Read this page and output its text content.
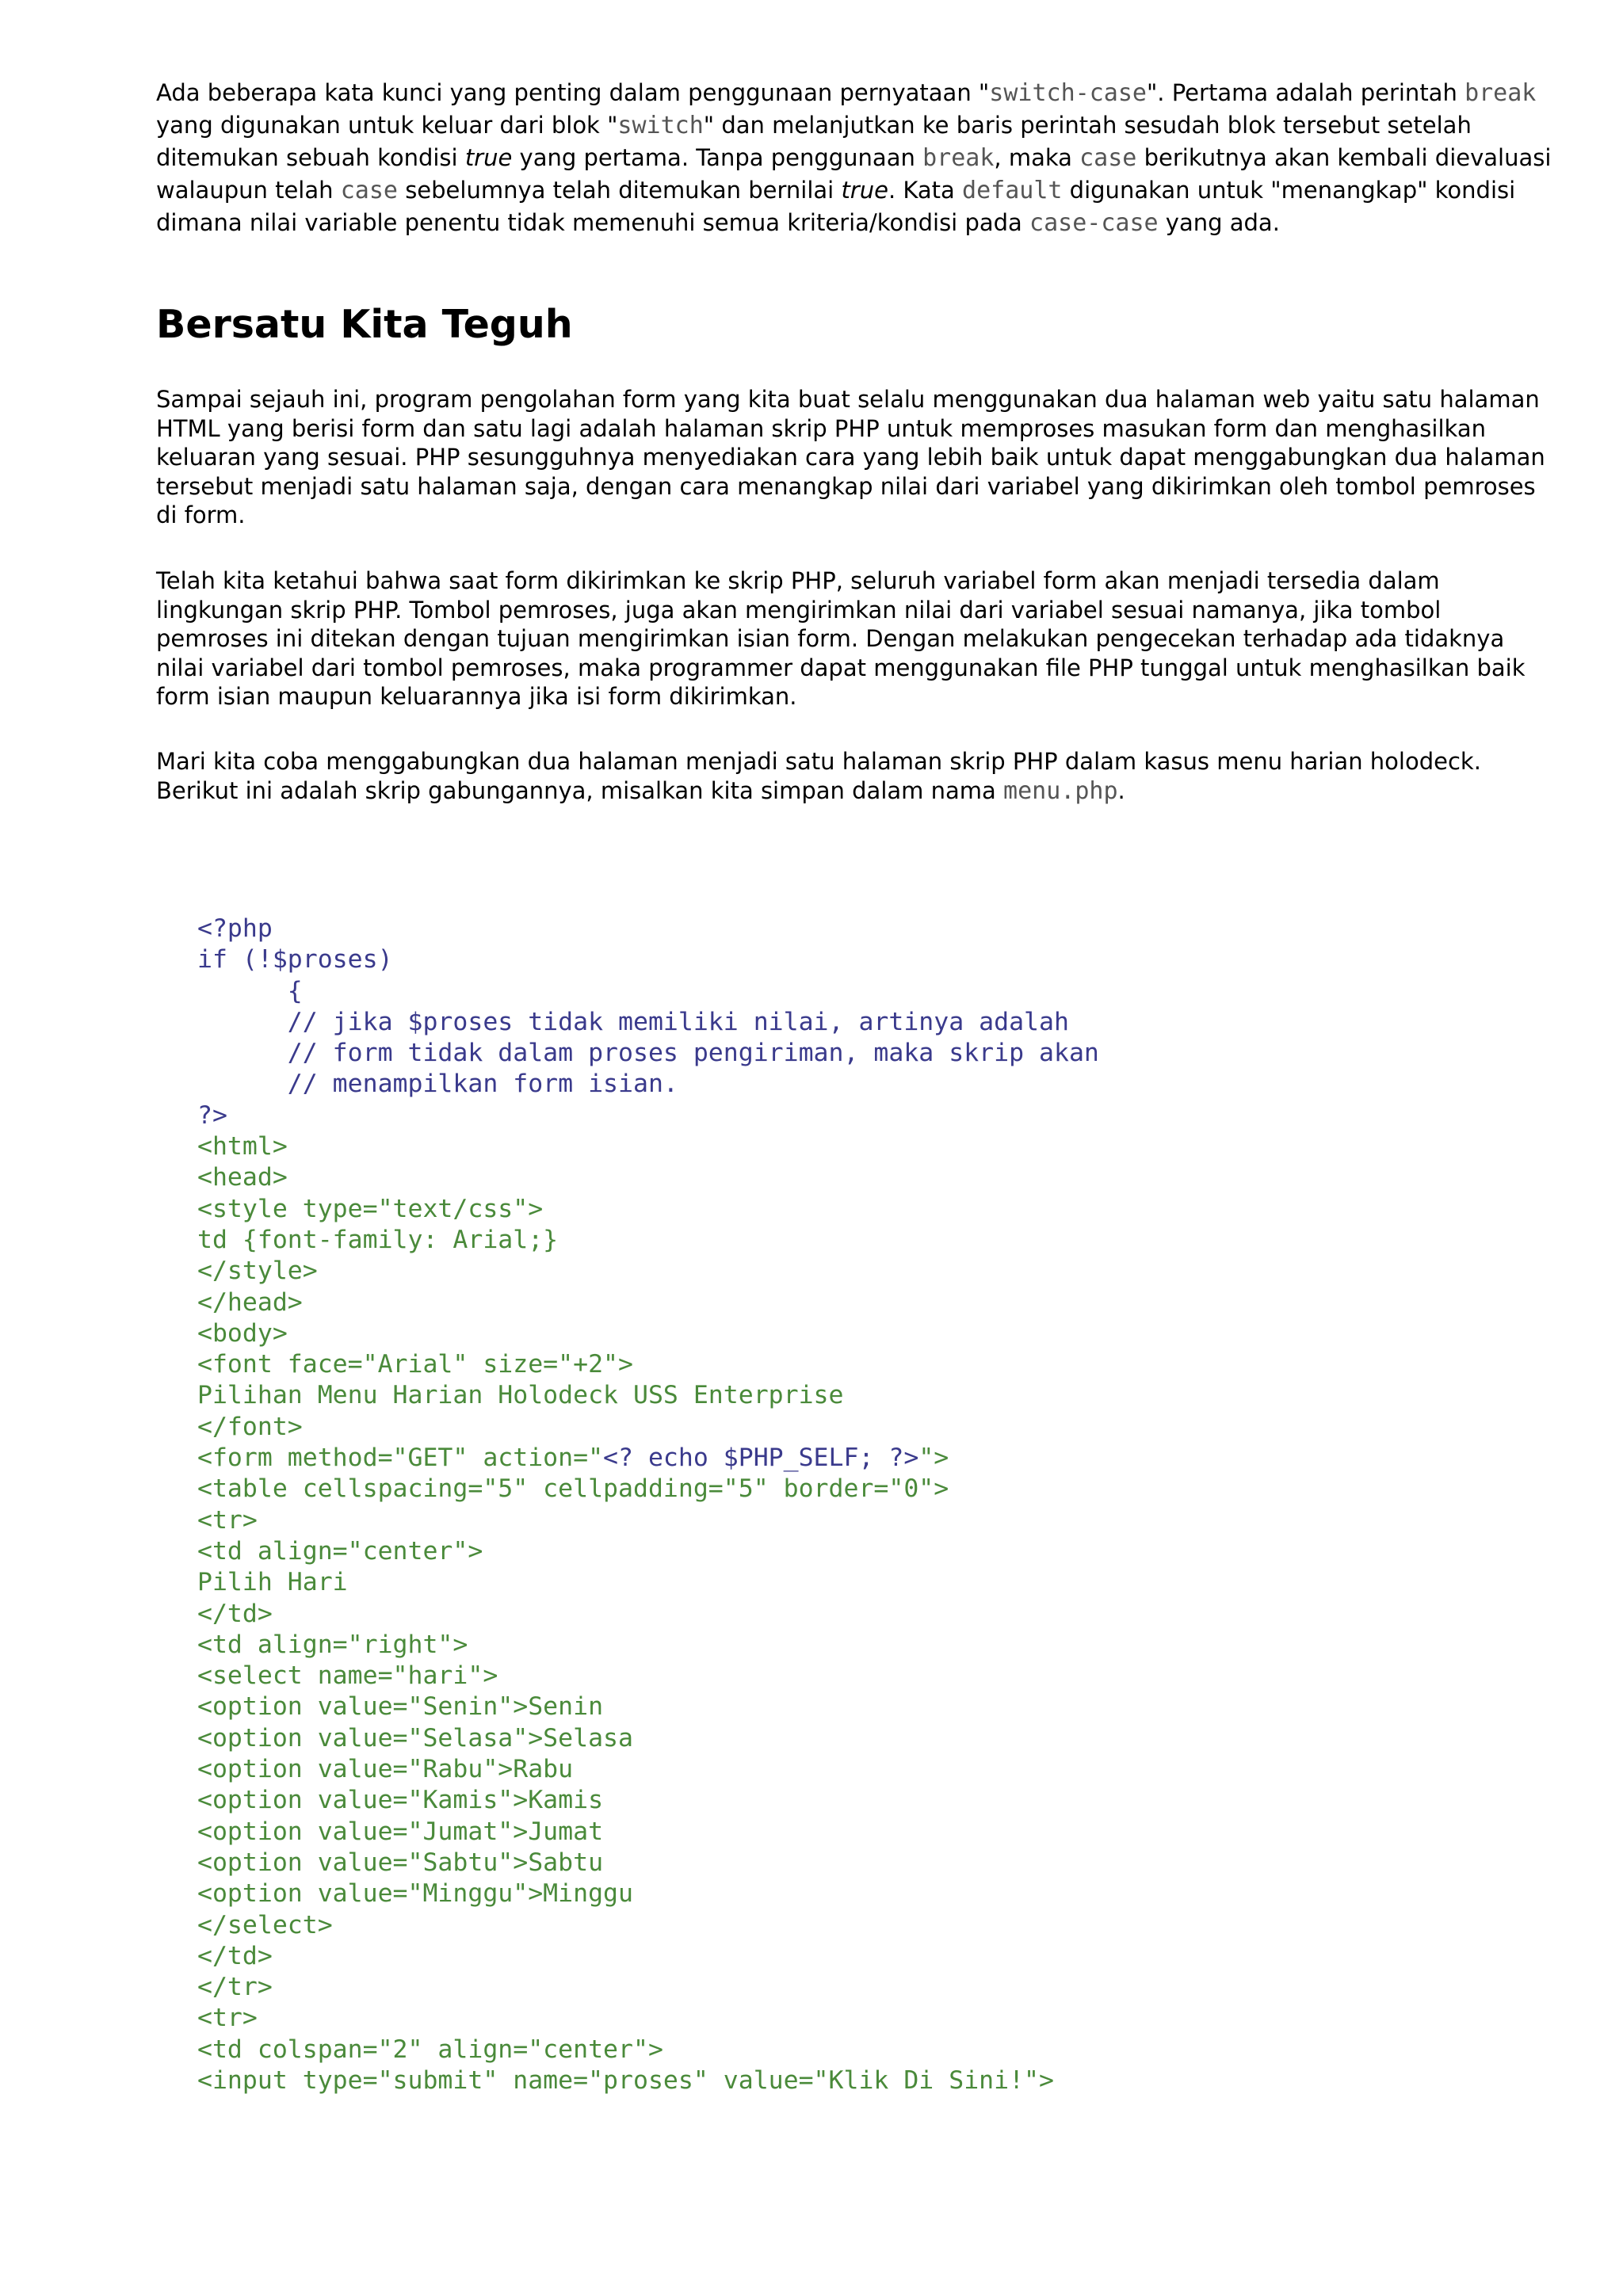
Ada beberapa kata kunci yang penting dalam penggunaan pernyataan "switch-case". Pertama adalah perintah break yang digunakan untuk keluar dari blok "switch" dan melanjutkan ke baris perintah sesudah blok tersebut setelah ditemukan sebuah kondisi true yang pertama. Tanpa penggunaan break, maka case berikutnya akan kembali dievaluasi walaupun telah case sebelumnya telah ditemukan bernilai true. Kata default digunakan untuk "menangkap" kondisi dimana nilai variable penentu tidak memenuhi semua kriteria/kondisi pada case-case yang ada.

Bersatu Kita Teguh

Sampai sejauh ini, program pengolahan form yang kita buat selalu menggunakan dua halaman web yaitu satu halaman HTML yang berisi form dan satu lagi adalah halaman skrip PHP untuk memproses masukan form dan menghasilkan keluaran yang sesuai. PHP sesungguhnya menyediakan cara yang lebih baik untuk dapat menggabungkan dua halaman tersebut menjadi satu halaman saja, dengan cara menangkap nilai dari variabel yang dikirimkan oleh tombol pemroses di form.

Telah kita ketahui bahwa saat form dikirimkan ke skrip PHP, seluruh variabel form akan menjadi tersedia dalam lingkungan skrip PHP. Tombol pemroses, juga akan mengirimkan nilai dari variabel sesuai namanya, jika tombol pemroses ini ditekan dengan tujuan mengirimkan isian form. Dengan melakukan pengecekan terhadap ada tidaknya nilai variabel dari tombol pemroses, maka programmer dapat menggunakan file PHP tunggal untuk menghasilkan baik form isian maupun keluarannya jika isi form dikirimkan.

Mari kita coba menggabungkan dua halaman menjadi satu halaman skrip PHP dalam kasus menu harian holodeck. Berikut ini adalah skrip gabungannya, misalkan kita simpan dalam nama menu.php.

<?php
if (!$proses)
{
// jika $proses tidak memiliki nilai, artinya adalah
// form tidak dalam proses pengiriman, maka skrip akan
// menampilkan form isian.
?>
<html>
<head>
<style type="text/css">
td {font-family: Arial;}
</style>
</head>
<body>
<font face="Arial" size="+2">
Pilihan Menu Harian Holodeck USS Enterprise
</font>
<form method="GET" action="<? echo $PHP_SELF; ?>">
<table cellspacing="5" cellpadding="5" border="0">
<tr>
<td align="center">
Pilih Hari
</td>
<td align="right">
<select name="hari">
<option value="Senin">Senin
<option value="Selasa">Selasa
<option value="Rabu">Rabu
<option value="Kamis">Kamis
<option value="Jumat">Jumat
<option value="Sabtu">Sabtu
<option value="Minggu">Minggu
</select>
</td>
</tr>
<tr>
<td colspan="2" align="center">
<input type="submit" name="proses" value="Klik Di Sini!">
